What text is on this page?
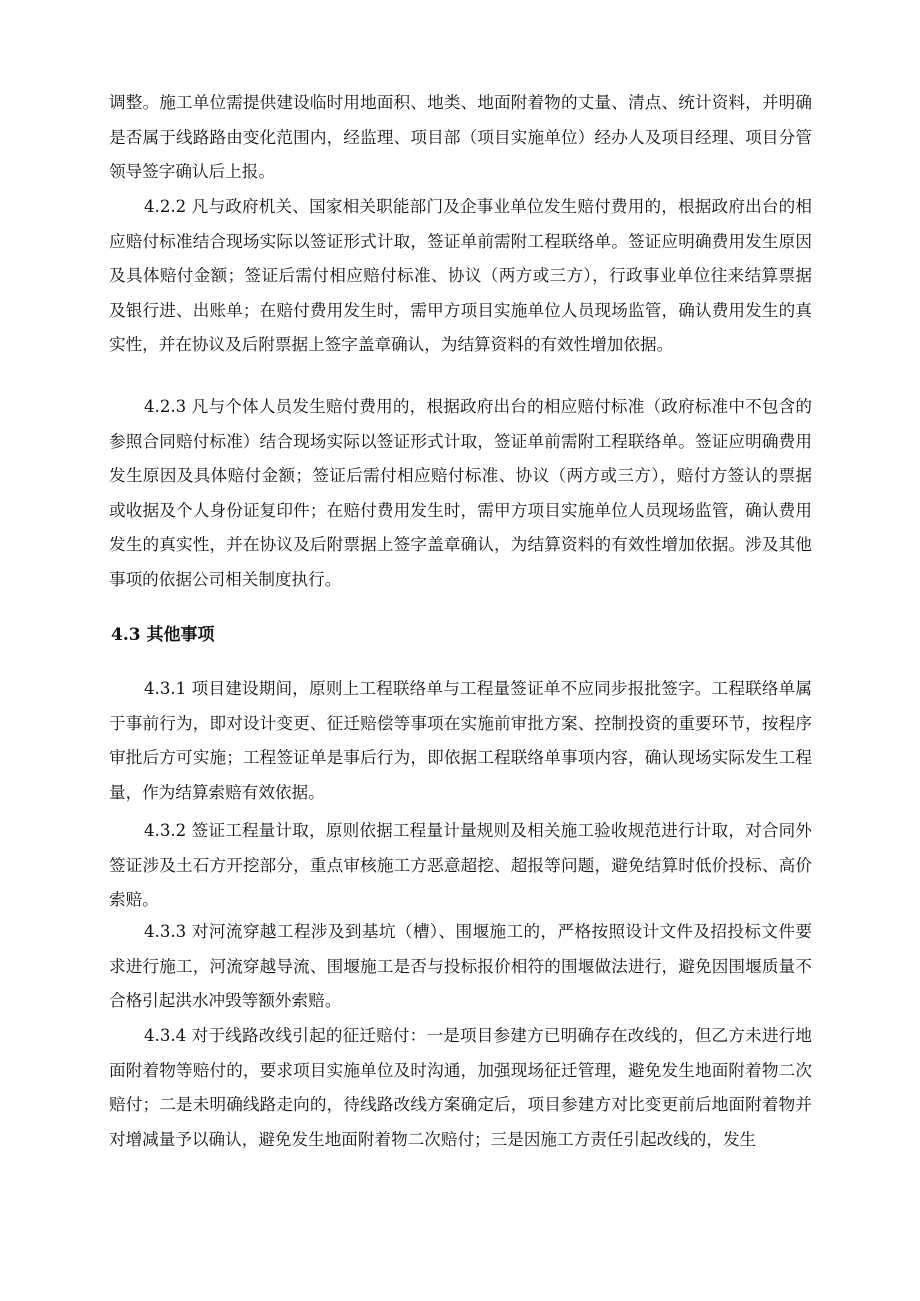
调整。施工单位需提供建设临时用地面积、地类、地面附着物的丈量、清点、统计资料，并明确是否属于线路路由变化范围内，经监理、项目部（项目实施单位）经办人及项目经理、项目分管领导签字确认后上报。

4.2.2 凡与政府机关、国家相关职能部门及企事业单位发生赔付费用的，根据政府出台的相应赔付标准结合现场实际以签证形式计取，签证单前需附工程联络单。签证应明确费用发生原因及具体赔付金额；签证后需付相应赔付标准、协议（两方或三方），行政事业单位往来结算票据及银行进、出账单；在赔付费用发生时，需甲方项目实施单位人员现场监管，确认费用发生的真实性，并在协议及后附票据上签字盖章确认，为结算资料的有效性增加依据。

4.2.3 凡与个体人员发生赔付费用的，根据政府出台的相应赔付标准（政府标准中不包含的参照合同赔付标准）结合现场实际以签证形式计取，签证单前需附工程联络单。签证应明确费用发生原因及具体赔付金额；签证后需付相应赔付标准、协议（两方或三方），赔付方签认的票据或收据及个人身份证复印件；在赔付费用发生时，需甲方项目实施单位人员现场监管，确认费用发生的真实性，并在协议及后附票据上签字盖章确认，为结算资料的有效性增加依据。涉及其他事项的依据公司相关制度执行。

4.3 其他事项

4.3.1 项目建设期间，原则上工程联络单与工程量签证单不应同步报批签字。工程联络单属于事前行为，即对设计变更、征迁赔偿等事项在实施前审批方案、控制投资的重要环节，按程序审批后方可实施；工程签证单是事后行为，即依据工程联络单事项内容，确认现场实际发生工程量，作为结算索赔有效依据。

4.3.2 签证工程量计取，原则依据工程量计量规则及相关施工验收规范进行计取，对合同外签证涉及土石方开挖部分，重点审核施工方恶意超挖、超报等问题，避免结算时低价投标、高价索赔。

4.3.3 对河流穿越工程涉及到基坑（槽）、围堰施工的，严格按照设计文件及招投标文件要求进行施工，河流穿越导流、围堰施工是否与投标报价相符的围堰做法进行，避免因围堰质量不合格引起洪水冲毁等额外索赔。

4.3.4 对于线路改线引起的征迁赔付：一是项目参建方已明确存在改线的，但乙方未进行地面附着物等赔付的，要求项目实施单位及时沟通，加强现场征迁管理，避免发生地面附着物二次赔付；二是未明确线路走向的，待线路改线方案确定后，项目参建方对比变更前后地面附着物并对增减量予以确认，避免发生地面附着物二次赔付；三是因施工方责任引起改线的，发生
